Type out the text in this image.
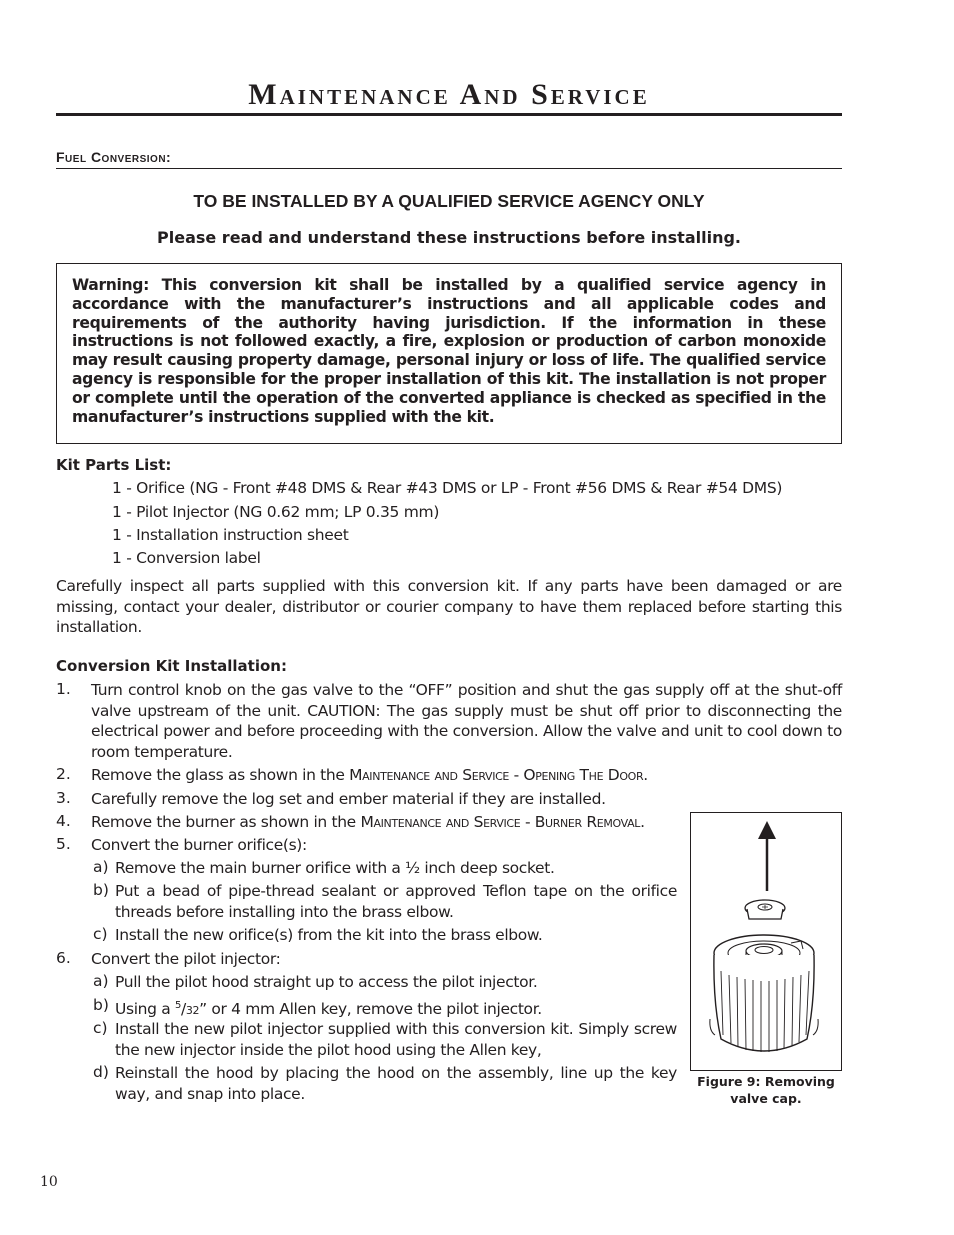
Maintenance And Service
Fuel Conversion:
TO BE INSTALLED BY A QUALIFIED SERVICE AGENCY ONLY
Please read and understand these instructions before installing.
Warning: This conversion kit shall be installed by a qualified service agency in accordance with the manufacturer’s instructions and all applicable codes and requirements of the authority having jurisdiction. If the information in these instructions is not followed exactly, a fire, explosion or production of carbon monoxide may result causing property damage, personal injury or loss of life. The qualified service agency is responsible for the proper installation of this kit. The installation is not proper or complete until the operation of the converted appliance is checked as specified in the manufacturer’s instructions supplied with the kit.
Kit Parts List:
1 - Orifice (NG - Front #48 DMS & Rear #43 DMS or LP - Front #56 DMS & Rear #54 DMS)
1 - Pilot Injector (NG 0.62 mm; LP 0.35 mm)
1 - Installation instruction sheet
1 - Conversion label
Carefully inspect all parts supplied with this conversion kit. If any parts have been damaged or are missing, contact your dealer, distributor or courier company to have them replaced before starting this installation.
Conversion Kit Installation:
1. Turn control knob on the gas valve to the “OFF” position and shut the gas supply off at the shut-off valve upstream of the unit. CAUTION: The gas supply must be shut off prior to disconnecting the electrical power and before proceeding with the conversion. Allow the valve and unit to cool down to room temperature.
2. Remove the glass as shown in the Maintenance and Service - Opening The Door.
3. Carefully remove the log set and ember material if they are installed.
4. Remove the burner as shown in the Maintenance and Service - Burner Removal.
5. Convert the burner orifice(s):
a) Remove the main burner orifice with a ½ inch deep socket.
b) Put a bead of pipe-thread sealant or approved Teflon tape on the orifice threads before installing into the brass elbow.
c) Install the new orifice(s) from the kit into the brass elbow.
6. Convert the pilot injector:
a) Pull the pilot hood straight up to access the pilot injector.
b) Using a $^5$/32” or 4 mm Allen key, remove the pilot injector.
c) Install the new pilot injector supplied with this conversion kit. Simply screw the new injector inside the pilot hood using the Allen key,
d) Reinstall the hood by placing the hood on the assembly, line up the key way, and snap into place.
Figure 9: Removing valve cap.
10
